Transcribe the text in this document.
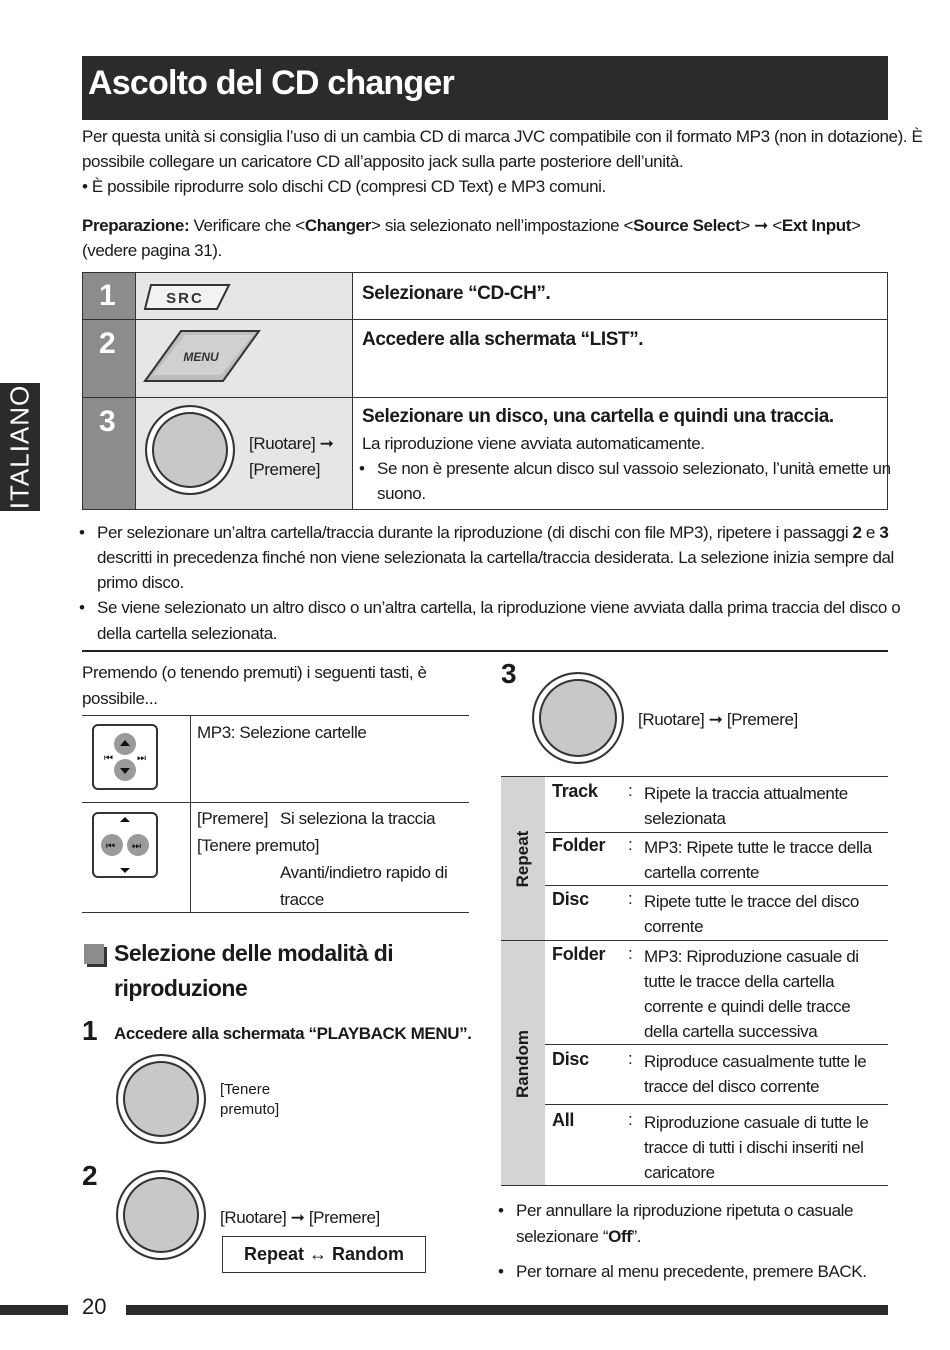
Ascolto del CD changer
ITALIANO
Per questa unità si consiglia l’uso di un cambia CD di marca JVC compatibile con il formato MP3 (non in dotazione). È
possibile collegare un caricatore CD all’apposito jack sulla parte posteriore dell’unità.
• È possibile riprodurre solo dischi CD (compresi CD Text) e MP3 comuni.
Preparazione: Verificare che <Changer> sia selezionato nell’impostazione <Source Select> ➞ <Ext Input>
(vedere pagina 31).
1
2
3
SRC
MENU
[Ruotare] ➞
[Premere]
Selezionare “CD-CH”.
Accedere alla schermata “LIST”.
Selezionare un disco, una cartella e quindi una traccia.
La riproduzione viene avviata automaticamente.
• Se non è presente alcun disco sul vassoio selezionato, l’unità emette un
suono.
• Per selezionare un’altra cartella/traccia durante la riproduzione (di dischi con file MP3), ripetere i passaggi 2 e 3
descritti in precedenza finché non viene selezionata la cartella/traccia desiderata. La selezione inizia sempre dal
primo disco.
• Se viene selezionato un altro disco o un’altra cartella, la riproduzione viene avviata dalla prima traccia del disco o
della cartella selezionata.
Premendo (o tenendo premuti) i seguenti tasti, è
possibile...
⏮ ⏭
MP3: Selezione cartelle
⏮ ⏭
[Premere] Si seleziona la traccia
[Tenere premuto]
Avanti/indietro rapido di
tracce
Selezione delle modalità di
riproduzione
1 Accedere alla schermata “PLAYBACK MENU”.
[Tenere
premuto]
2
[Ruotare] ➞ [Premere]
Repeat ↔ Random
3
[Ruotare] ➞ [Premere]
Repeat
Random
Track : Ripete la traccia attualmente
selezionata
Folder : MP3: Ripete tutte le tracce della
cartella corrente
Disc : Ripete tutte le tracce del disco
corrente
Folder : MP3: Riproduzione casuale di
tutte le tracce della cartella
corrente e quindi delle tracce
della cartella successiva
Disc : Riproduce casualmente tutte le
tracce del disco corrente
All	: Riproduzione casuale di tutte le
tracce di tutti i dischi inseriti nel
caricatore
• Per annullare la riproduzione ripetuta o casuale
selezionare “Off”.
• Per tornare al menu precedente, premere BACK.
20
